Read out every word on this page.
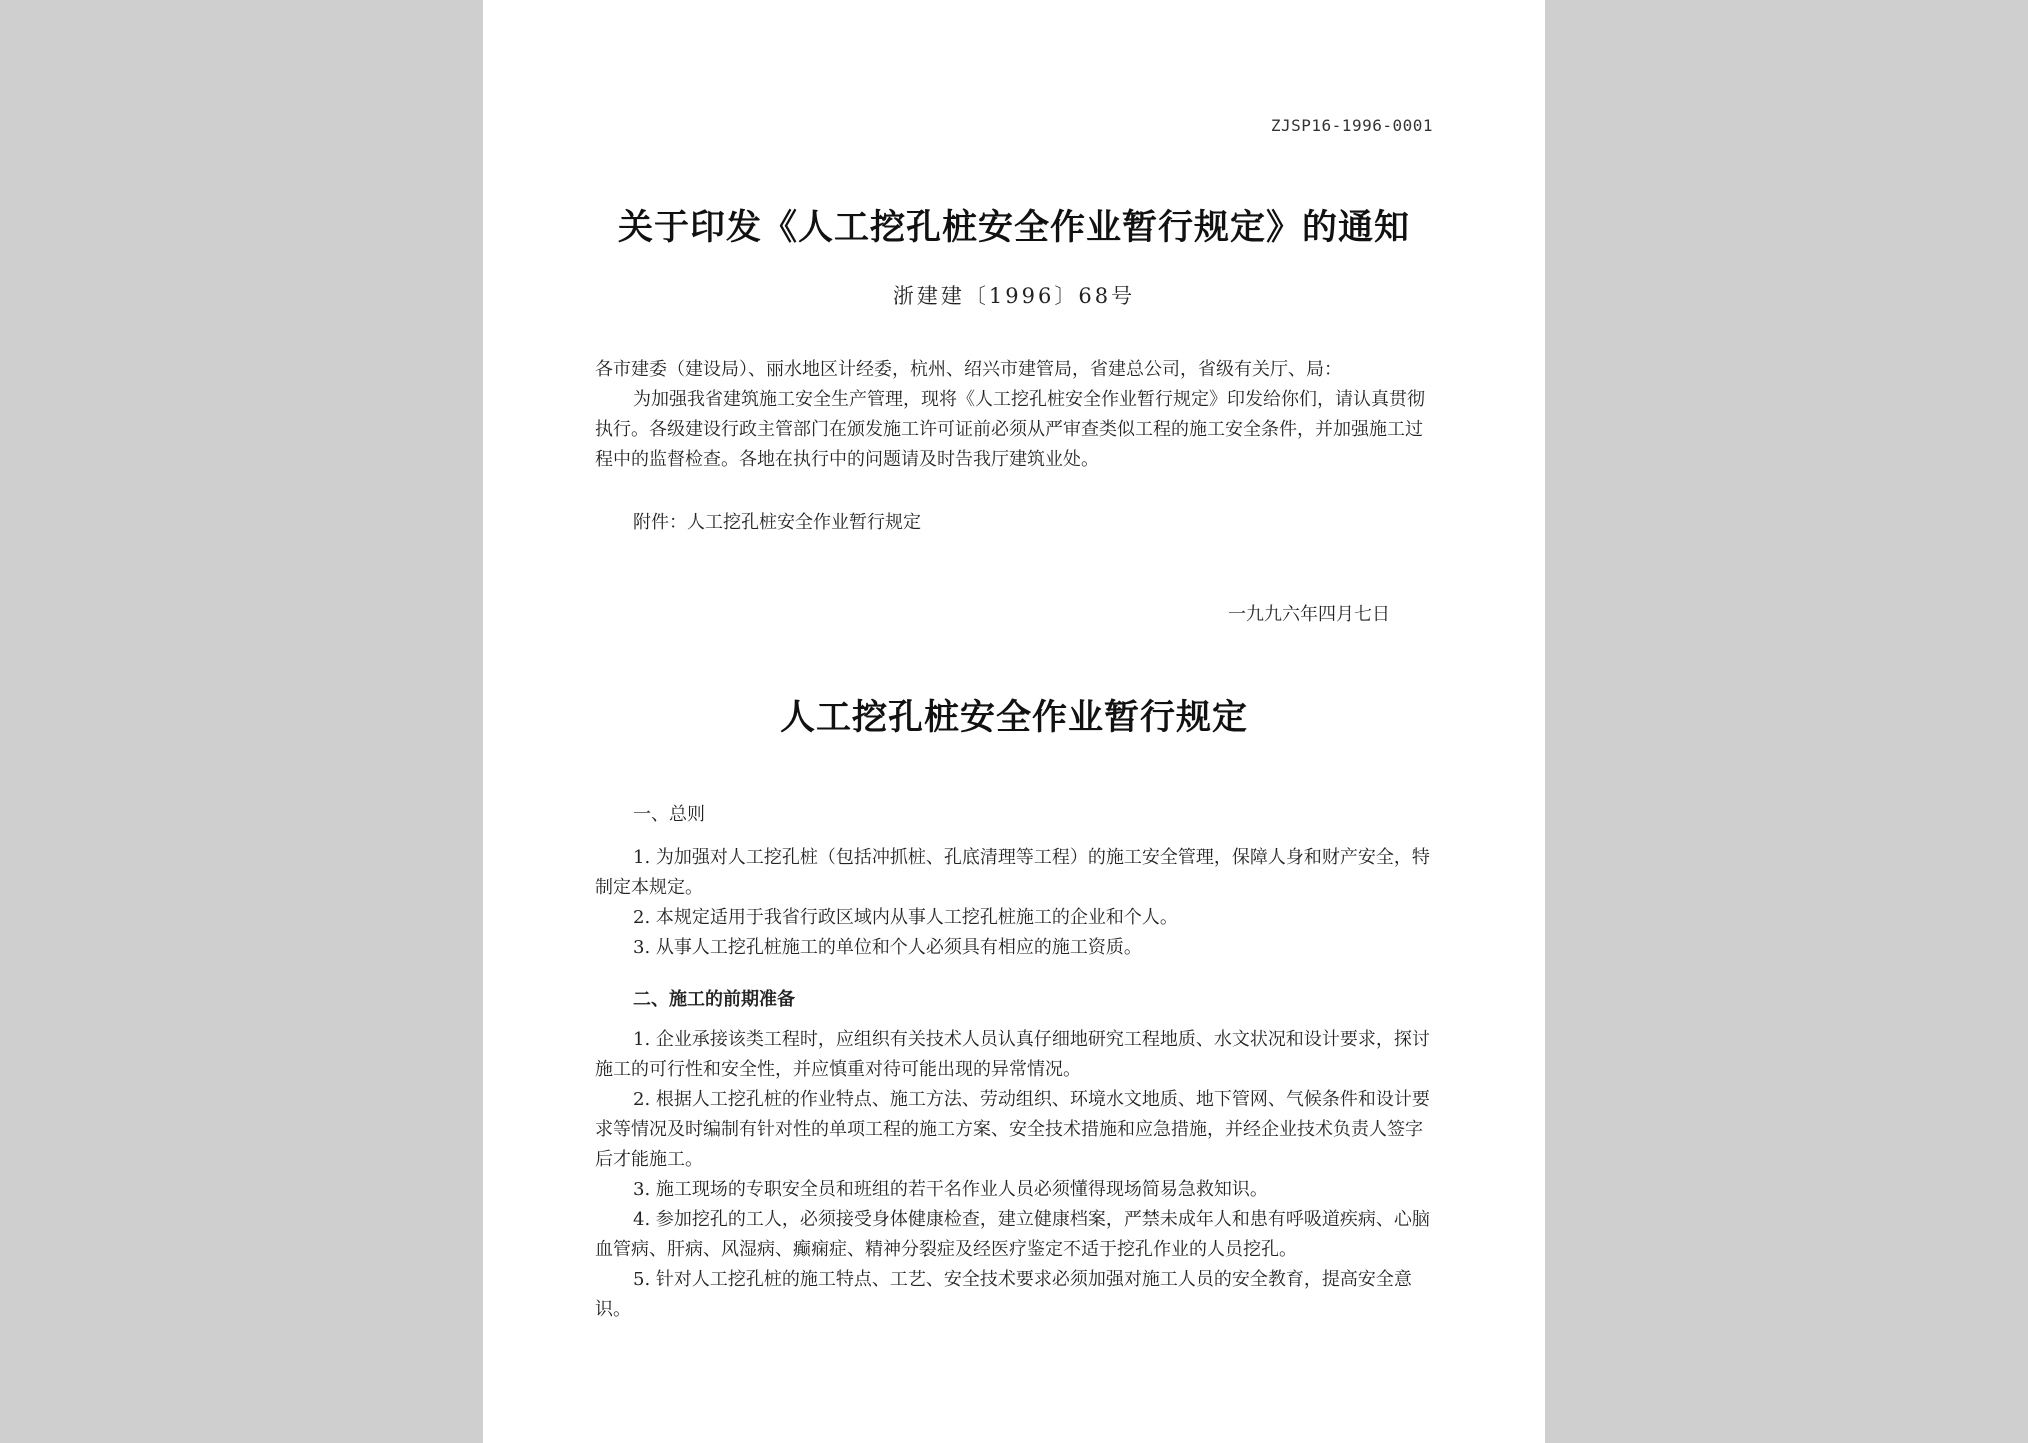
ZJSP16-1996-0001
关于印发《人工挖孔桩安全作业暂行规定》的通知
浙建建〔1996〕68号
各市建委（建设局）、丽水地区计经委，杭州、绍兴市建管局，省建总公司，省级有关厅、局：
为加强我省建筑施工安全生产管理，现将《人工挖孔桩安全作业暂行规定》印发给你们，请认真贯彻执行。各级建设行政主管部门在颁发施工许可证前必须从严审查类似工程的施工安全条件，并加强施工过程中的监督检查。各地在执行中的问题请及时告我厅建筑业处。
附件：人工挖孔桩安全作业暂行规定
一九九六年四月七日
人工挖孔桩安全作业暂行规定
一、总则
1. 为加强对人工挖孔桩（包括冲抓桩、孔底清理等工程）的施工安全管理，保障人身和财产安全，特制定本规定。
2. 本规定适用于我省行政区域内从事人工挖孔桩施工的企业和个人。
3. 从事人工挖孔桩施工的单位和个人必须具有相应的施工资质。
二、施工的前期准备
1. 企业承接该类工程时，应组织有关技术人员认真仔细地研究工程地质、水文状况和设计要求，探讨施工的可行性和安全性，并应慎重对待可能出现的异常情况。
2. 根据人工挖孔桩的作业特点、施工方法、劳动组织、环境水文地质、地下管网、气候条件和设计要求等情况及时编制有针对性的单项工程的施工方案、安全技术措施和应急措施，并经企业技术负责人签字后才能施工。
3. 施工现场的专职安全员和班组的若干名作业人员必须懂得现场简易急救知识。
4. 参加挖孔的工人，必须接受身体健康检查，建立健康档案，严禁未成年人和患有呼吸道疾病、心脑血管病、肝病、风湿病、癫痫症、精神分裂症及经医疗鉴定不适于挖孔作业的人员挖孔。
5. 针对人工挖孔桩的施工特点、工艺、安全技术要求必须加强对施工人员的安全教育，提高安全意识。
